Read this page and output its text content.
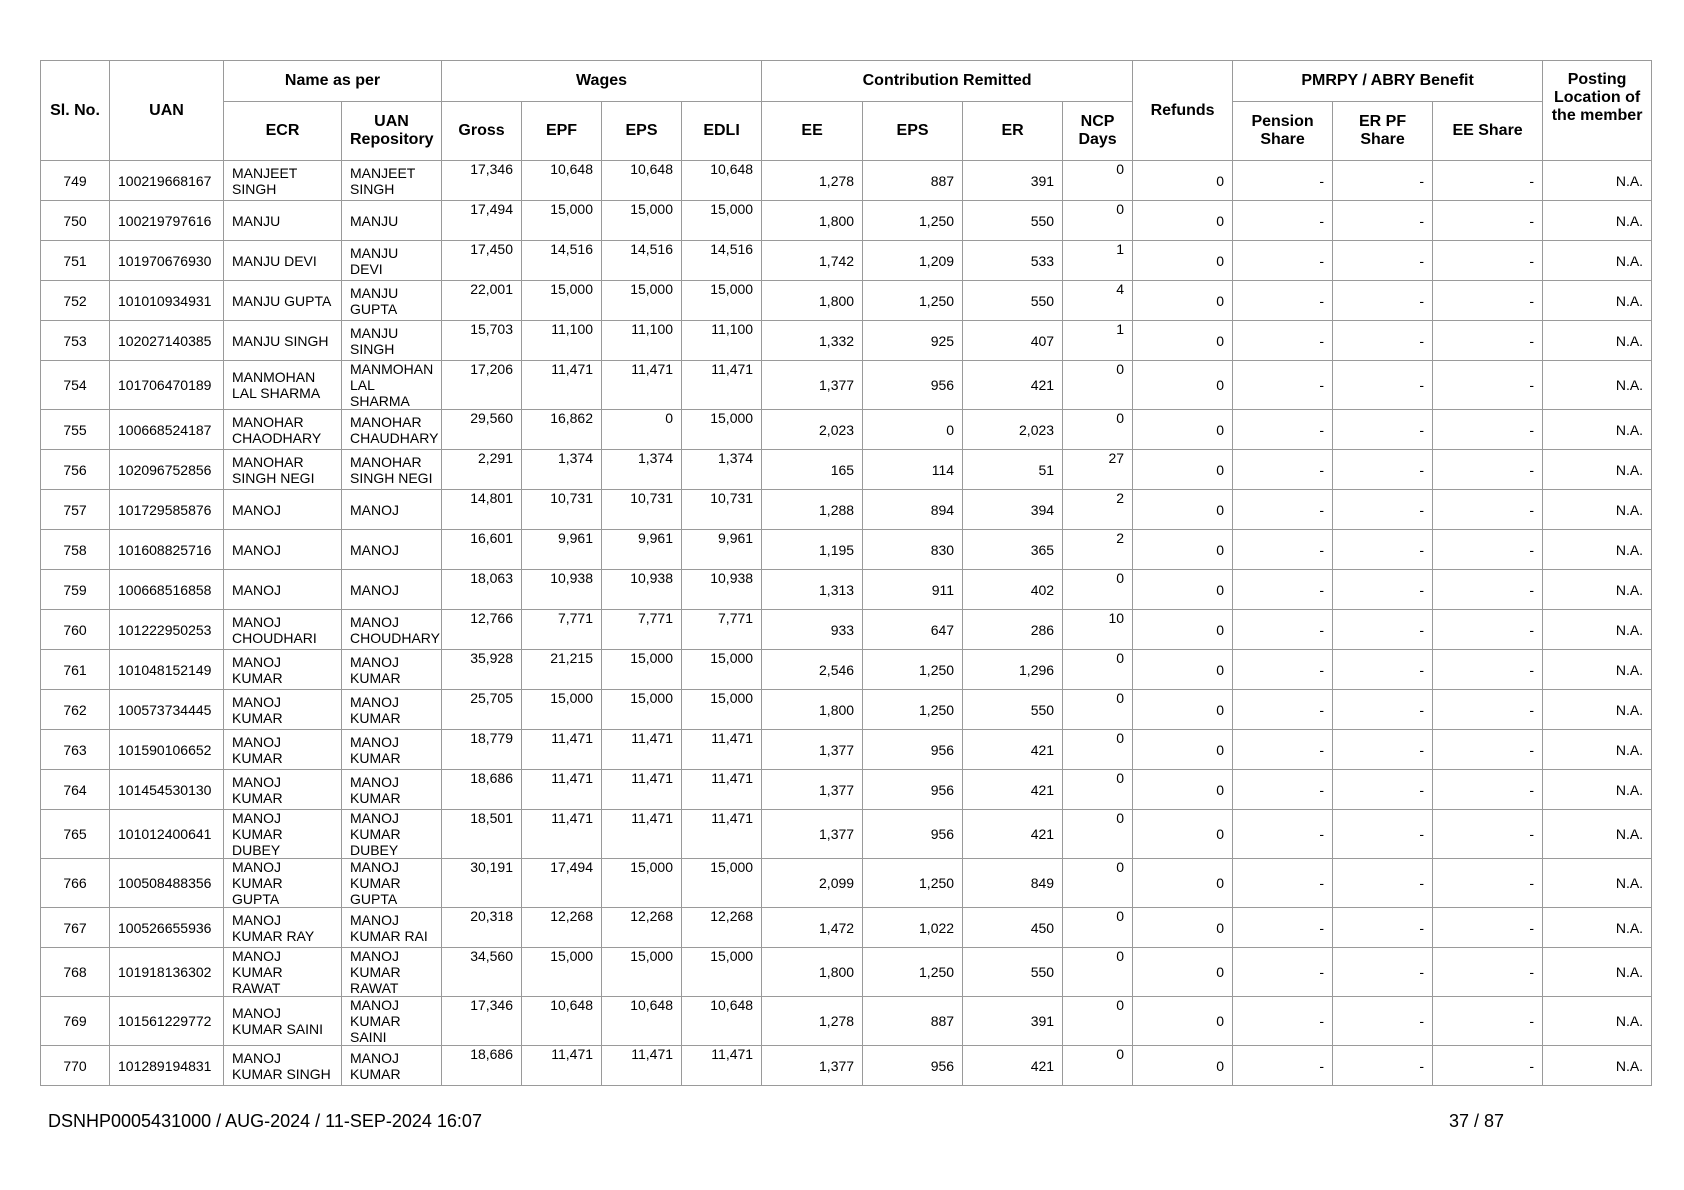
Sl. No.	UAN	Name as per		Wages				Contribution Remitted				Refunds	PMRPY / ABRY Benefit			Posting Location of the member
		ECR	UAN Repository	Gross	EPF	EPS	EDLI	EE	EPS	ER	NCP Days		Pension Share	ER PF Share	EE Share	
749	100219668167	MANJEET SINGH	MANJEET SINGH	17,346	10,648	10,648	10,648	1,278	887	391	0	0	-	-	-	N.A.
750	100219797616	MANJU	MANJU	17,494	15,000	15,000	15,000	1,800	1,250	550	0	0	-	-	-	N.A.
751	101970676930	MANJU DEVI	MANJU DEVI	17,450	14,516	14,516	14,516	1,742	1,209	533	1	0	-	-	-	N.A.
752	101010934931	MANJU GUPTA	MANJU GUPTA	22,001	15,000	15,000	15,000	1,800	1,250	550	4	0	-	-	-	N.A.
753	102027140385	MANJU SINGH	MANJU SINGH	15,703	11,100	11,100	11,100	1,332	925	407	1	0	-	-	-	N.A.
754	101706470189	MANMOHAN LAL SHARMA	MANMOHAN LAL SHARMA	17,206	11,471	11,471	11,471	1,377	956	421	0	0	-	-	-	N.A.
755	100668524187	MANOHAR CHAODHARY	MANOHAR CHAUDHARY	29,560	16,862	0	15,000	2,023	0	2,023	0	0	-	-	-	N.A.
756	102096752856	MANOHAR SINGH NEGI	MANOHAR SINGH NEGI	2,291	1,374	1,374	1,374	165	114	51	27	0	-	-	-	N.A.
757	101729585876	MANOJ	MANOJ	14,801	10,731	10,731	10,731	1,288	894	394	2	0	-	-	-	N.A.
758	101608825716	MANOJ	MANOJ	16,601	9,961	9,961	9,961	1,195	830	365	2	0	-	-	-	N.A.
759	100668516858	MANOJ	MANOJ	18,063	10,938	10,938	10,938	1,313	911	402	0	0	-	-	-	N.A.
760	101222950253	MANOJ CHOUDHARI	MANOJ CHOUDHARY	12,766	7,771	7,771	7,771	933	647	286	10	0	-	-	-	N.A.
761	101048152149	MANOJ KUMAR	MANOJ KUMAR	35,928	21,215	15,000	15,000	2,546	1,250	1,296	0	0	-	-	-	N.A.
762	100573734445	MANOJ KUMAR	MANOJ KUMAR	25,705	15,000	15,000	15,000	1,800	1,250	550	0	0	-	-	-	N.A.
763	101590106652	MANOJ KUMAR	MANOJ KUMAR	18,779	11,471	11,471	11,471	1,377	956	421	0	0	-	-	-	N.A.
764	101454530130	MANOJ KUMAR	MANOJ KUMAR	18,686	11,471	11,471	11,471	1,377	956	421	0	0	-	-	-	N.A.
765	101012400641	MANOJ KUMAR DUBEY	MANOJ KUMAR DUBEY	18,501	11,471	11,471	11,471	1,377	956	421	0	0	-	-	-	N.A.
766	100508488356	MANOJ KUMAR GUPTA	MANOJ KUMAR GUPTA	30,191	17,494	15,000	15,000	2,099	1,250	849	0	0	-	-	-	N.A.
767	100526655936	MANOJ KUMAR RAY	MANOJ KUMAR RAI	20,318	12,268	12,268	12,268	1,472	1,022	450	0	0	-	-	-	N.A.
768	101918136302	MANOJ KUMAR RAWAT	MANOJ KUMAR RAWAT	34,560	15,000	15,000	15,000	1,800	1,250	550	0	0	-	-	-	N.A.
769	101561229772	MANOJ KUMAR SAINI	MANOJ KUMAR SAINI	17,346	10,648	10,648	10,648	1,278	887	391	0	0	-	-	-	N.A.
770	101289194831	MANOJ KUMAR SINGH	MANOJ KUMAR	18,686	11,471	11,471	11,471	1,377	956	421	0	0	-	-	-	N.A.
DSNHP0005431000 / AUG-2024 / 11-SEP-2024 16:07	37 / 87
